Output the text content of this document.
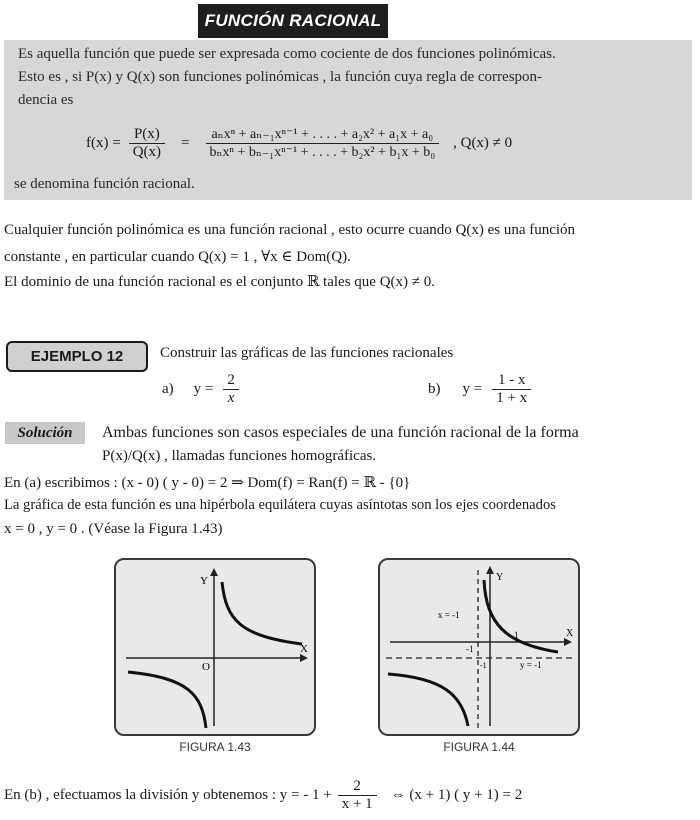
FUNCIÓN RACIONAL
Es aquella función que puede ser expresada como cociente de dos funciones polinómicas.
Esto es , si P(x) y Q(x) son funciones polinómicas , la función cuya regla de correspon-
dencia es
$f(x) = \frac{P(x)}{Q(x)} = \frac{\text{aₙxⁿ + aₙ₋₁xⁿ⁻¹ + . . . . + a₂x² + a₁x + a₀}}{\text{bₙxⁿ + bₙ₋₁xⁿ⁻¹ + . . . . + b₂x² + b₁x + b₀}}$ , Q(x) ≠ 0
se denomina función racional.
Cualquier función polinómica es una función racional , esto ocurre cuando Q(x) es una función
constante , en particular cuando Q(x) = 1 , ∀x ∈ Dom(Q).
El dominio de una función racional es el conjunto ℝ tales que Q(x) ≠ 0.
EJEMPLO 12	Construir las gráficas de las funciones racionales
a) $y = \frac{2}{x}$	b) $y = \frac{1 - x}{1 + x}$
Solución	Ambas funciones son casos especiales de una función racional de la forma
P(x)/Q(x) , llamadas funciones homográficas.
En (a) escribimos : (x - 0) ( y - 0) = 2 ⇒ Dom(f) = Ran(f) = ℝ - {0}
La gráfica de esta función es una hipérbola equilátera cuyas asíntotas son los ejes coordenados
x = 0 , y = 0 . (Véase la Figura 1.43)
Y
X
O
FIGURA 1.43
Y
X
x = -1
y = -1
-1
1
-1
FIGURA 1.44
En (b) , efectuamos la división y obtenemos : y = - $1 + \frac{2}{x + 1}$ ⇔ (x + 1) ( y + 1) = 2
